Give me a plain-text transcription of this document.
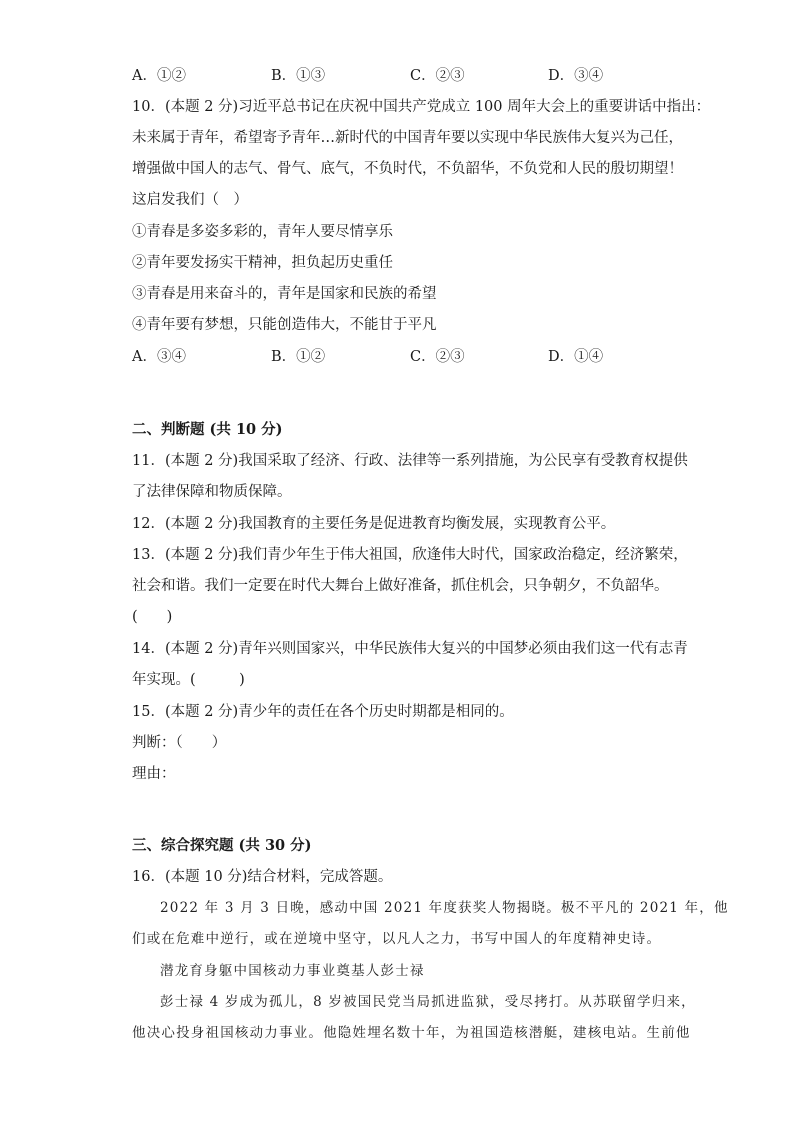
A．①②	B．①③	C．②③	D．③④

10．(本题 2 分)习近平总书记在庆祝中国共产党成立 100 周年大会上的重要讲话中指出：

未来属于青年，希望寄予青年…新时代的中国青年要以实现中华民族伟大复兴为己任，

增强做中国人的志气、骨气、底气，不负时代，不负韶华，不负党和人民的殷切期望！

这启发我们（　）

①青春是多姿多彩的，青年人要尽情享乐

②青年要发扬实干精神，担负起历史重任

③青春是用来奋斗的，青年是国家和民族的希望

④青年要有梦想，只能创造伟大，不能甘于平凡

A．③④	B．①②	C．②③	D．①④

二、判断题 (共 10 分)

11．(本题 2 分)我国采取了经济、行政、法律等一系列措施，为公民享有受教育权提供

了法律保障和物质保障。

12．(本题 2 分)我国教育的主要任务是促进教育均衡发展，实现教育公平。

13．(本题 2 分)我们青少年生于伟大祖国，欣逢伟大时代，国家政治稳定，经济繁荣，

社会和谐。我们一定要在时代大舞台上做好准备，抓住机会，只争朝夕，不负韶华。

(　　)

14．(本题 2 分)青年兴则国家兴，中华民族伟大复兴的中国梦必须由我们这一代有志青

年实现。(　　　)

15．(本题 2 分)青少年的责任在各个历史时期都是相同的。

判断：（　　）

理由：

三、综合探究题 (共 30 分)

16．(本题 10 分)结合材料，完成答题。

2022 年 3 月 3 日晚，感动中国 2021 年度获奖人物揭晓。极不平凡的 2021 年，他

们或在危难中逆行，或在逆境中坚守，以凡人之力，书写中国人的年度精神史诗。

潜龙育身躯中国核动力事业奠基人彭士禄

彭士禄 4 岁成为孤儿，8 岁被国民党当局抓进监狱，受尽拷打。从苏联留学归来，

他决心投身祖国核动力事业。他隐姓埋名数十年，为祖国造核潜艇，建核电站。生前他
